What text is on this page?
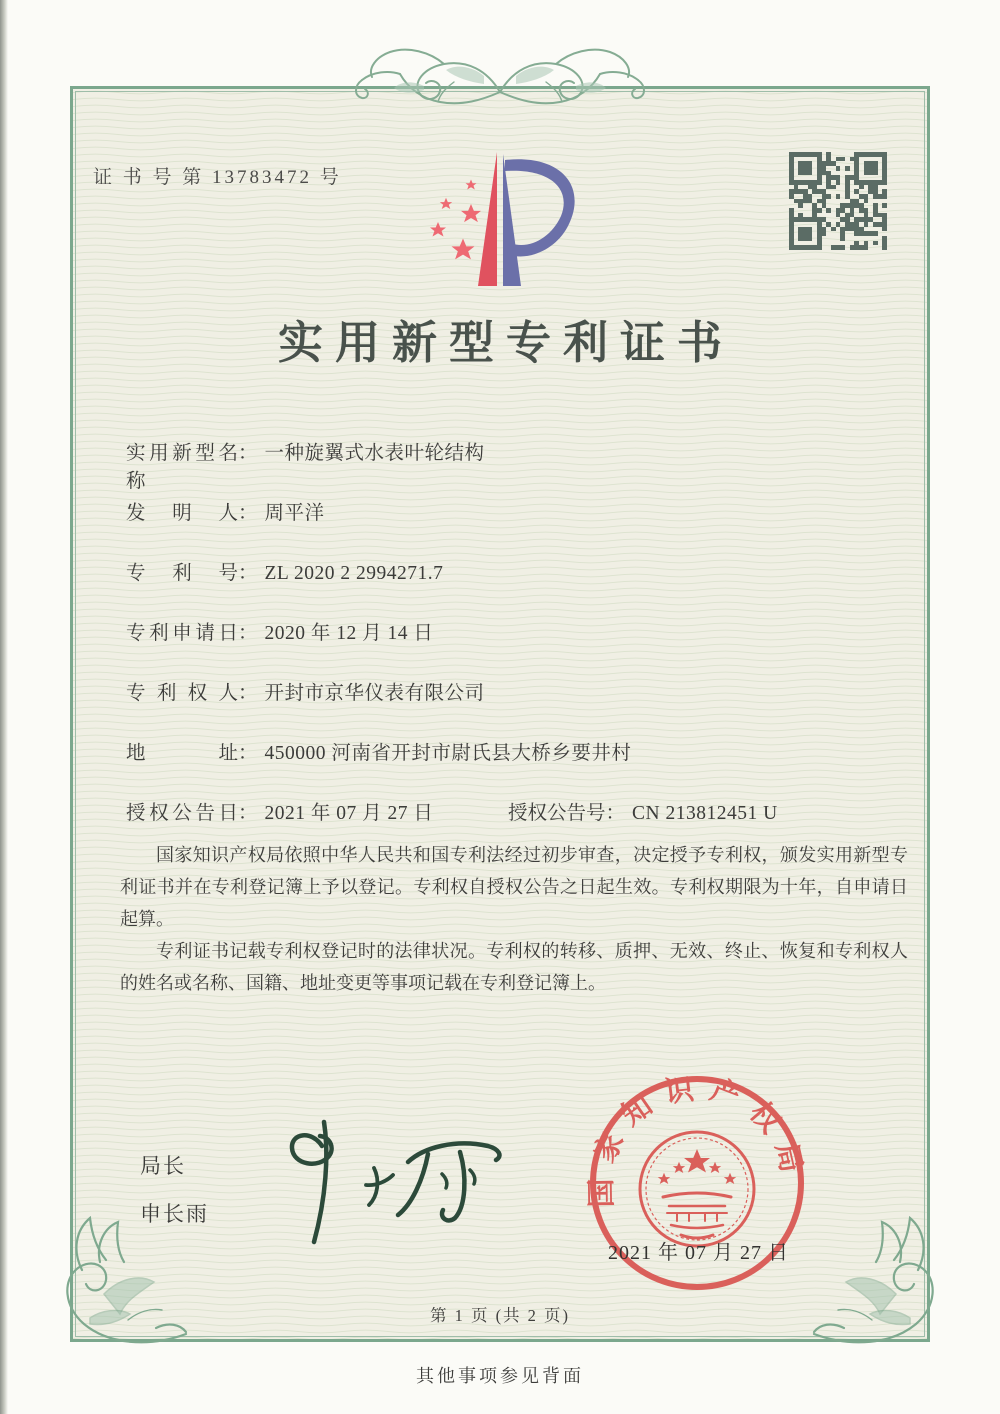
证 书 号 第 13783472 号
实用新型专利证书
实用新型名称： 一种旋翼式水表叶轮结构
发明人： 周平洋
专利号： ZL 2020 2 2994271.7
专利申请日： 2020 年 12 月 14 日
专利权人： 开封市京华仪表有限公司
地址： 450000 河南省开封市尉氏县大桥乡要井村
授权公告日： 2021 年 07 月 27 日	授权公告号： CN 213812451 U

国家知识产权局依照中华人民共和国专利法经过初步审查，决定授予专利权，颁发实用新型专利证书并在专利登记簿上予以登记。专利权自授权公告之日起生效。专利权期限为十年，自申请日起算。

专利证书记载专利权登记时的法律状况。专利权的转移、质押、无效、终止、恢复和专利权人的姓名或名称、国籍、地址变更等事项记载在专利登记簿上。

局长
申长雨
国家知识产权局
2021 年 07 月 27 日
第 1 页 (共 2 页)
其他事项参见背面
